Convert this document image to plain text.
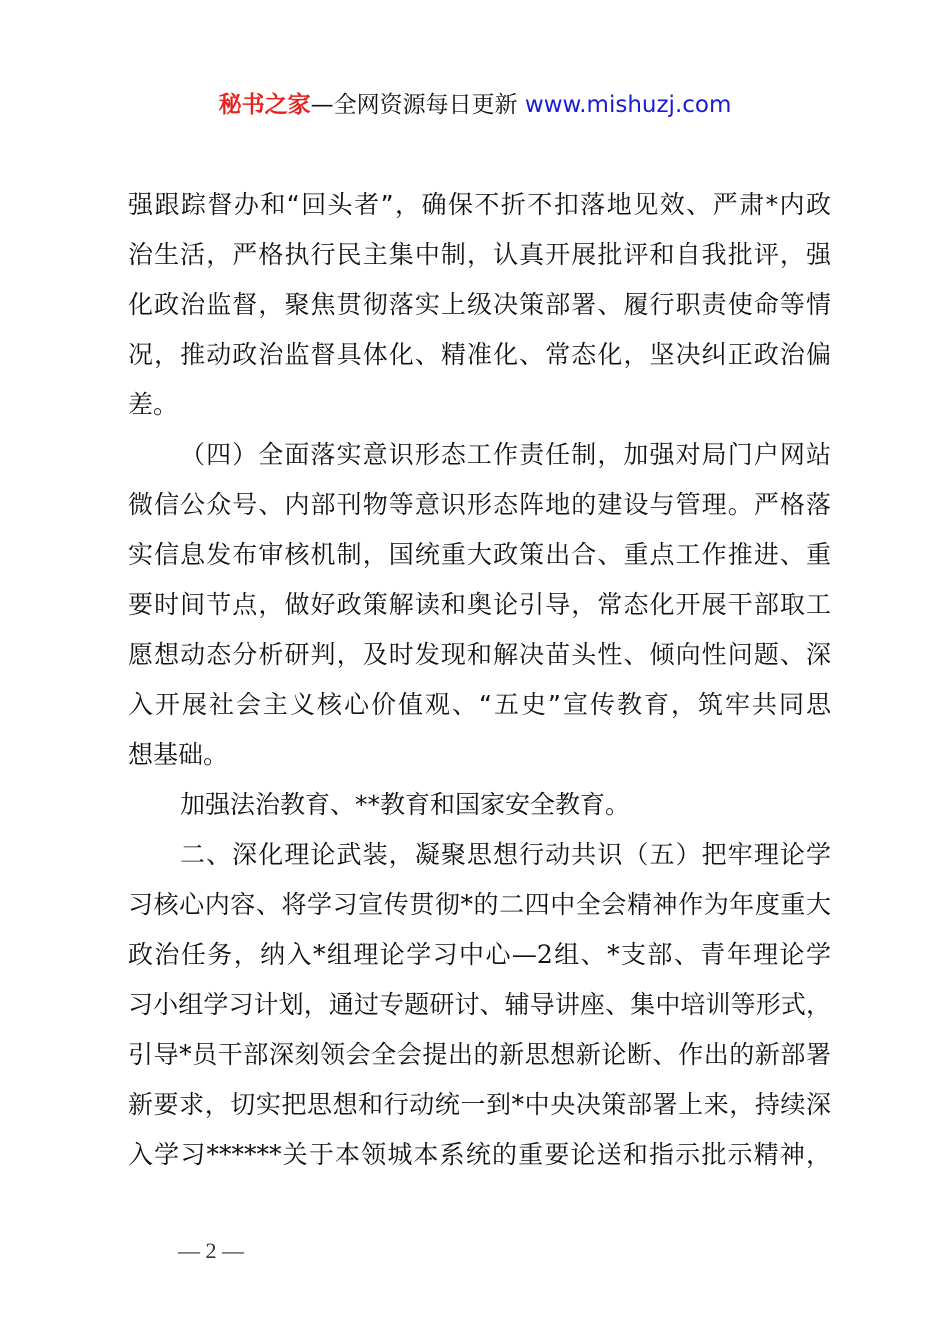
秘书之家—全网资源每日更新 www.mishuzj.com
强跟踪督办和“回头者”，确保不折不扣落地见效、严肃*内政
治生活，严格执行民主集中制，认真开展批评和自我批评，强
化政治监督，聚焦贯彻落实上级决策部署、履行职责使命等情
况，推动政治监督具体化、精准化、常态化，坚决纠正政治偏
差。
（四）全面落实意识形态工作责任制，加强对局门户网站
微信公众号、内部刊物等意识形态阵地的建设与管理。严格落
实信息发布审核机制，国统重大政策出合、重点工作推进、重
要时间节点，做好政策解读和奥论引导，常态化开展干部取工
愿想动态分析研判，及时发现和解决苗头性、倾向性问题、深
入开展社会主义核心价值观、“五史”宣传教育，筑牢共同思
想基础。
加强法治教育、**教育和国家安全教育。
二、深化理论武装，凝聚思想行动共识（五）把牢理论学
习核心内容、将学习宣传贯彻*的二四中全会精神作为年度重大
政治任务，纳入*组理论学习中心—2组、*支部、青年理论学
习小组学习计划，通过专题研讨、辅导讲座、集中培训等形式，
引导*员干部深刻领会全会提出的新思想新论断、作出的新部署
新要求，切实把思想和行动统一到*中央决策部署上来，持续深
入学习******关于本领城本系统的重要论送和指示批示精神，
— 2 —
